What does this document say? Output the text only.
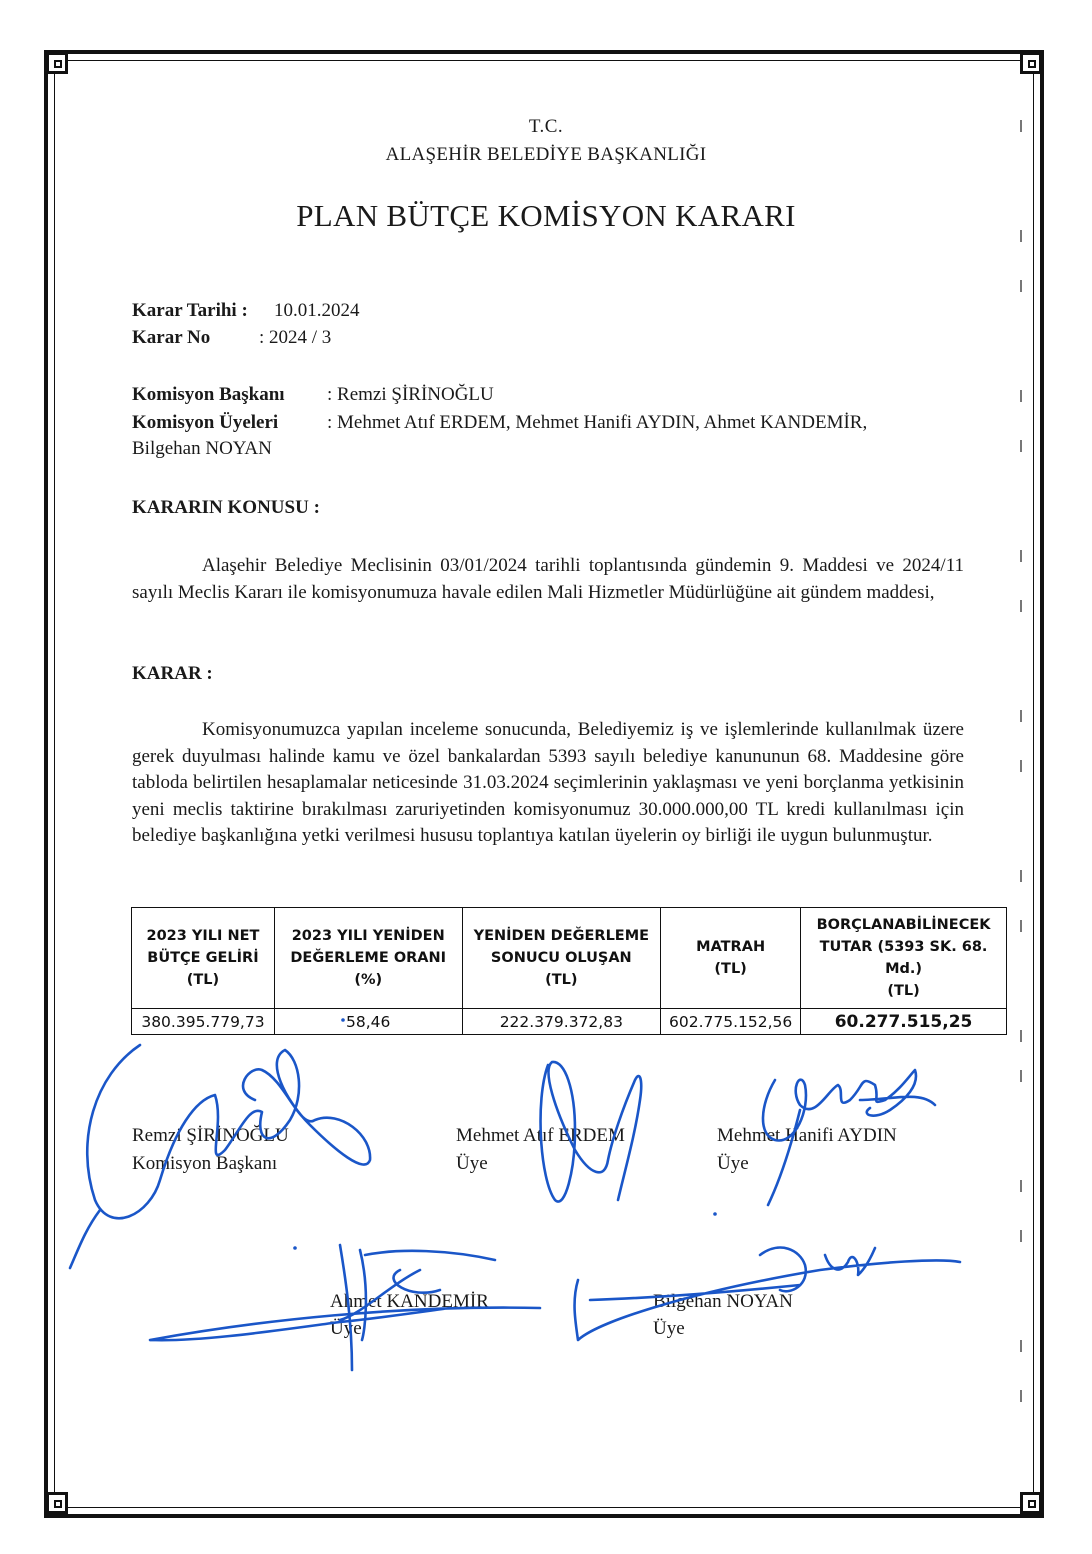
T.C.
ALAŞEHİR BELEDİYE BAŞKANLIĞI
PLAN BÜTÇE KOMİSYON KARARI
Karar Tarihi : 10.01.2024
Karar No	: 2024 / 3
Komisyon Başkanı : Remzi ŞİRİNOĞLU
Komisyon Üyeleri	: Mehmet Atıf ERDEM, Mehmet Hanifi AYDIN, Ahmet KANDEMİR,
Bilgehan NOYAN
KARARIN KONUSU :
Alaşehir Belediye Meclisinin 03/01/2024 tarihli toplantısında gündemin 9. Maddesi ve 2024/11 sayılı Meclis Kararı ile komisyonumuza havale edilen Mali Hizmetler Müdürlüğüne ait gündem maddesi,
KARAR :
Komisyonumuzca yapılan inceleme sonucunda, Belediyemiz iş ve işlemlerinde kullanılmak üzere gerek duyulması halinde kamu ve özel bankalardan 5393 sayılı belediye kanununun 68. Maddesine göre tabloda belirtilen hesaplamalar neticesinde 31.03.2024 seçimlerinin yaklaşması ve yeni borçlanma yetkisinin yeni meclis taktirine bırakılması zaruriyetinden komisyonumuz 30.000.000,00 TL kredi kullanılması için belediye başkanlığına yetki verilmesi hususu toplantıya katılan üyelerin oy birliği ile uygun bulunmuştur.
2023 YILI NET
BÜTÇE GELİRİ
(TL)	2023 YILI YENİDEN
DEĞERLEME ORANI
(%)	YENİDEN DEĞERLEME
SONUCU OLUŞAN
(TL)	MATRAH
(TL)	BORÇLANABİLİNECEK
TUTAR (5393 SK. 68.
Md.)
(TL)
380.395.779,73	58,46	222.379.372,83	602.775.152,56	60.277.515,25
Remzi ŞİRİNOĞLU
Komisyon Başkanı
Mehmet Atıf ERDEM
Üye
Mehmet Hanifi AYDIN
Üye
Ahmet KANDEMİR
Üye
Bilgehan NOYAN
Üye
